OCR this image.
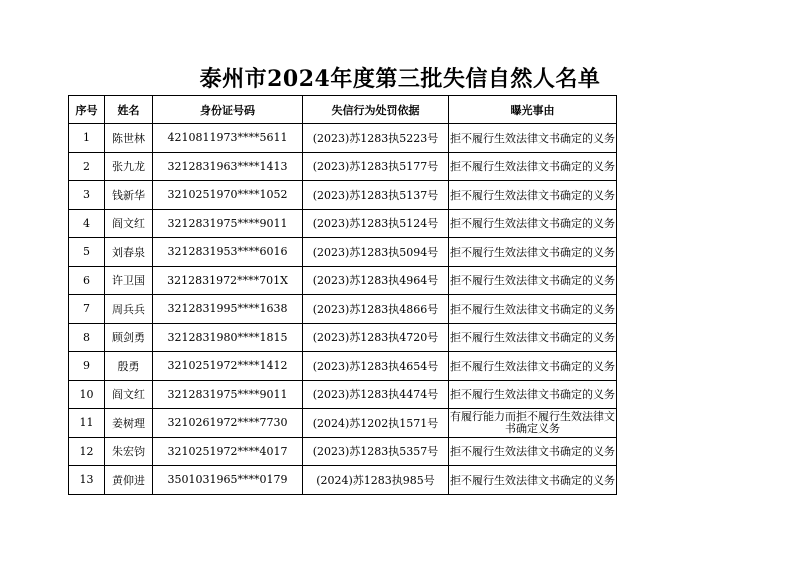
泰州市2024年度第三批失信自然人名单
序号	姓名	身份证号码	失信行为处罚依据	曝光事由
1	陈世林	4210811973****5611	(2023)苏1283执5223号	拒不履行生效法律文书确定的义务
2	张九龙	3212831963****1413	(2023)苏1283执5177号	拒不履行生效法律文书确定的义务
3	钱新华	3210251970****1052	(2023)苏1283执5137号	拒不履行生效法律文书确定的义务
4	阎文红	3212831975****9011	(2023)苏1283执5124号	拒不履行生效法律文书确定的义务
5	刘春泉	3212831953****6016	(2023)苏1283执5094号	拒不履行生效法律文书确定的义务
6	许卫国	3212831972****701X	(2023)苏1283执4964号	拒不履行生效法律文书确定的义务
7	周兵兵	3212831995****1638	(2023)苏1283执4866号	拒不履行生效法律文书确定的义务
8	顾剑勇	3212831980****1815	(2023)苏1283执4720号	拒不履行生效法律文书确定的义务
9	殷勇	3210251972****1412	(2023)苏1283执4654号	拒不履行生效法律文书确定的义务
10	阎文红	3212831975****9011	(2023)苏1283执4474号	拒不履行生效法律文书确定的义务
11	姜树理	3210261972****7730	(2024)苏1202执1571号	有履行能力而拒不履行生效法律文书确定义务
12	朱宏钧	3210251972****4017	(2023)苏1283执5357号	拒不履行生效法律文书确定的义务
13	黄仰进	3501031965****0179	(2024)苏1283执985号	拒不履行生效法律文书确定的义务
